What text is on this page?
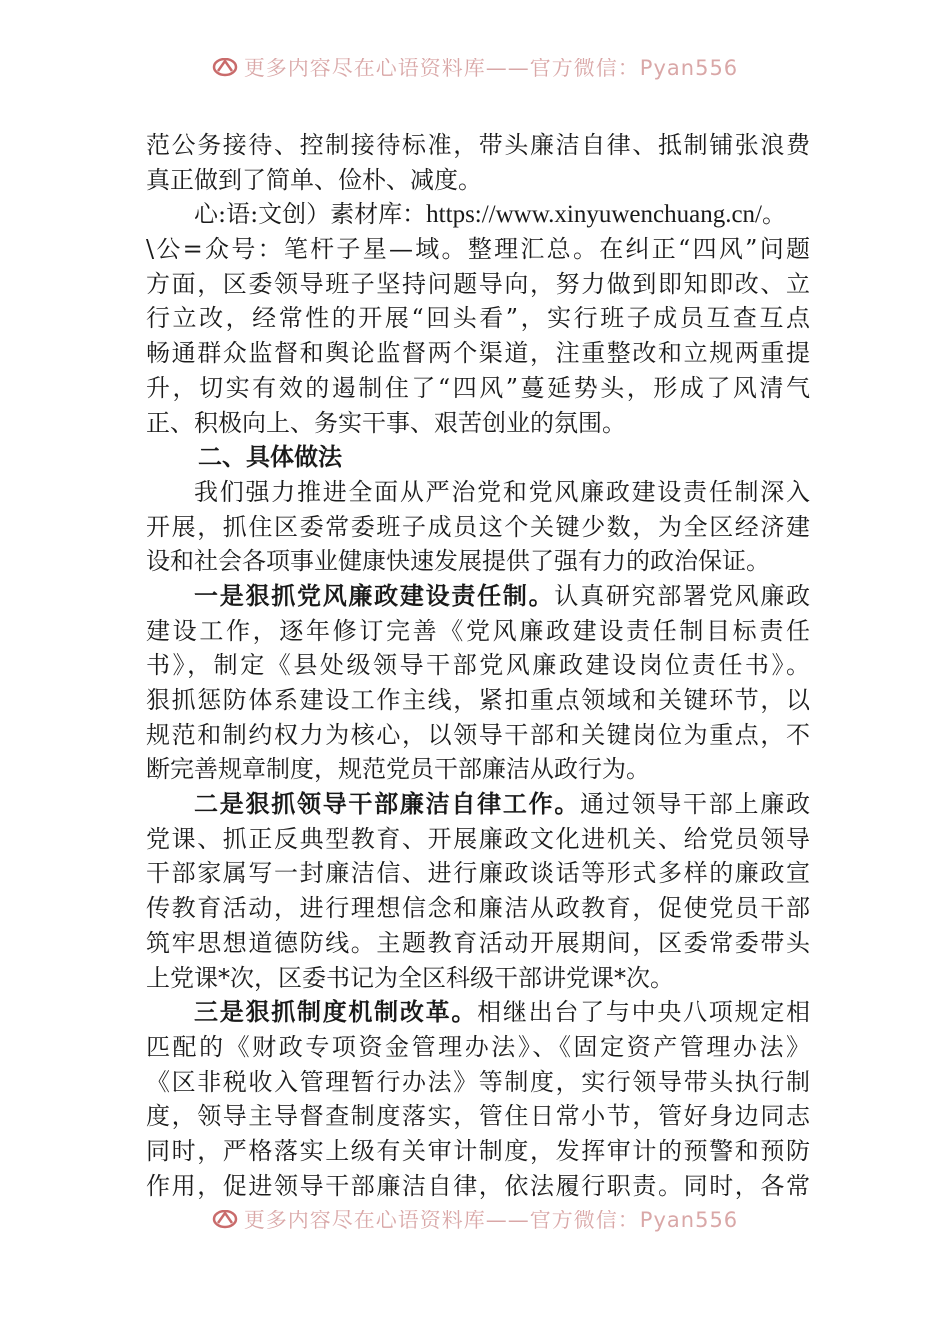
更多内容尽在心语资料库——官方微信：Pyan556
范公务接待、控制接待标准，带头廉洁自律、抵制铺张浪费
真正做到了简单、俭朴、减度。
心:语:文创）素材库：https://www.xinyuwenchuang.cn/。
\公=众号：笔杆子星—域。整理汇总。在纠正“四风”问题
方面，区委领导班子坚持问题导向，努力做到即知即改、立
行立改，经常性的开展“回头看”，实行班子成员互查互点
畅通群众监督和舆论监督两个渠道，注重整改和立规两重提
升，切实有效的遏制住了“四风”蔓延势头，形成了风清气
正、积极向上、务实干事、艰苦创业的氛围。
二、具体做法
我们强力推进全面从严治党和党风廉政建设责任制深入
开展，抓住区委常委班子成员这个关键少数，为全区经济建
设和社会各项事业健康快速发展提供了强有力的政治保证。
一是狠抓党风廉政建设责任制。认真研究部署党风廉政
建设工作，逐年修订完善《党风廉政建设责任制目标责任
书》，制定《县处级领导干部党风廉政建设岗位责任书》。
狠抓惩防体系建设工作主线，紧扣重点领域和关键环节，以
规范和制约权力为核心，以领导干部和关键岗位为重点，不
断完善规章制度，规范党员干部廉洁从政行为。
二是狠抓领导干部廉洁自律工作。通过领导干部上廉政
党课、抓正反典型教育、开展廉政文化进机关、给党员领导
干部家属写一封廉洁信、进行廉政谈话等形式多样的廉政宣
传教育活动，进行理想信念和廉洁从政教育，促使党员干部
筑牢思想道德防线。主题教育活动开展期间，区委常委带头
上党课*次，区委书记为全区科级干部讲党课*次。
三是狠抓制度机制改革。相继出台了与中央八项规定相
匹配的《财政专项资金管理办法》、《固定资产管理办法》
《区非税收入管理暂行办法》等制度，实行领导带头执行制
度，领导主导督查制度落实，管住日常小节，管好身边同志
同时，严格落实上级有关审计制度，发挥审计的预警和预防
作用，促进领导干部廉洁自律，依法履行职责。同时，各常
更多内容尽在心语资料库——官方微信：Pyan556
